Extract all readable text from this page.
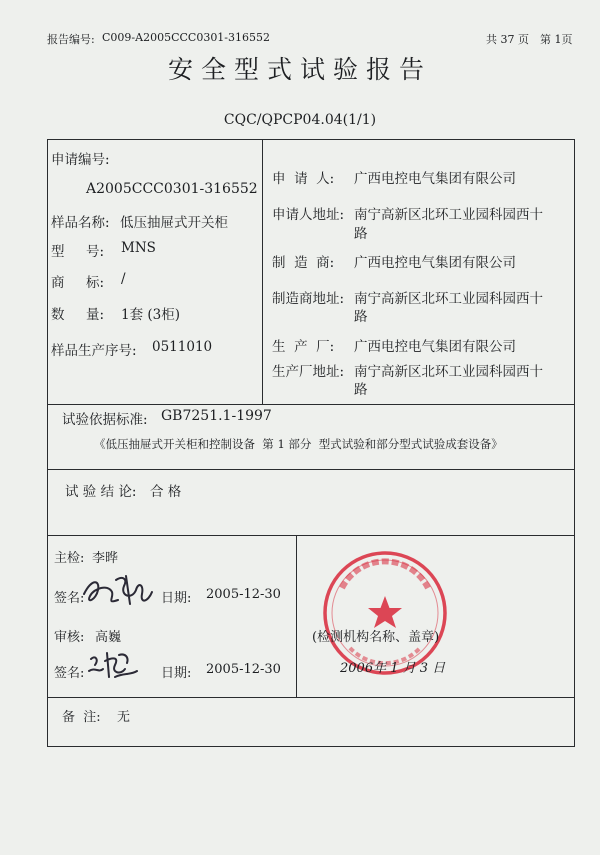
报告编号: C009-A2005CCC0301-316552	共 37 页 第 1页
安全型式试验报告
CQC/QPCP04.04(1/1)
申请编号:
A2005CCC0301-316552
样品名称: 低压抽屉式开关柜
型     号: MNS
商     标: /
数     量: 1套 (3柜)
样品生产序号: 0511010
申  请  人: 广西电控电气集团有限公司
申请人地址: 南宁高新区北环工业园科园西十
路
制  造  商: 广西电控电气集团有限公司
制造商地址: 南宁高新区北环工业园科园西十
路
生  产  厂: 广西电控电气集团有限公司
生产厂地址: 南宁高新区北环工业园科园西十
路
试验依据标准: GB7251.1-1997
《低压抽屉式开关柜和控制设备  第 1 部分  型式试验和部分型式试验成套设备》
试 验 结 论: 合 格
主检: 李晔
签名:	日期: 2005-12-30
审核: 高巍
签名:	日期: 2005-12-30
(检测机构名称、盖章)
2006年 1 月 3 日
备  注: 无
